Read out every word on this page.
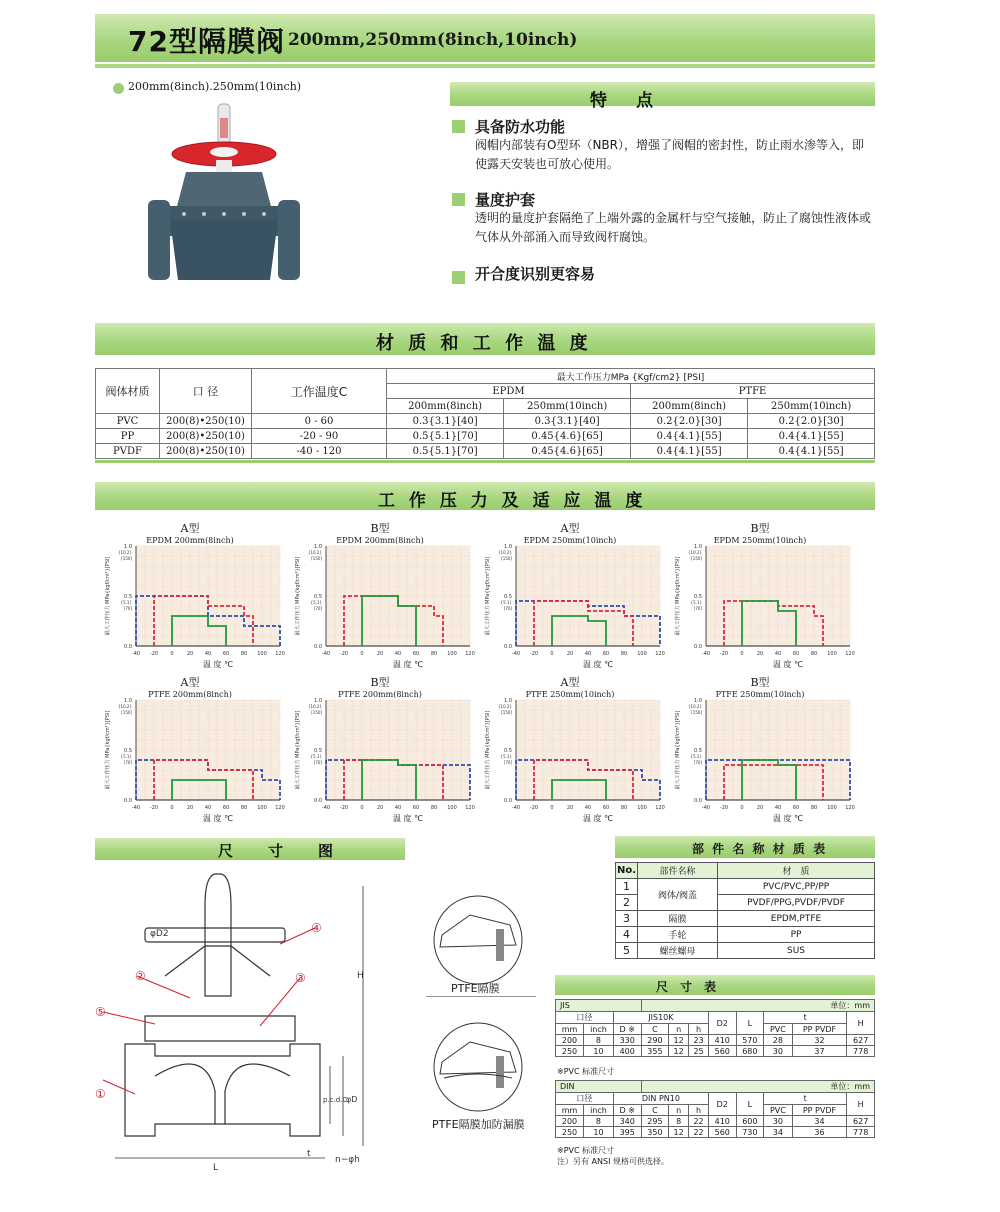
72型隔膜阀 200mm,250mm(8inch,10inch)
200mm(8inch).250mm(10inch)
特　点
具备防水功能
阀帽内部装有O型环（NBR），增强了阀帽的密封性，防止雨水渗等入，即使露天安装也可放心使用。
量度护套
透明的量度护套隔绝了上端外露的金属杆与空气接触，防止了腐蚀性液体或气体从外部涌入而导致阀杆腐蚀。
开合度识别更容易
材 质 和 工 作 温 度
阀体材质	口 径	工作温度C	最大工作压力MPa {Kgf/cm2} [PSI]			
			EPDM		PTFE	
			200mm(8inch)	250mm(10inch)	200mm(8inch)	250mm(10inch)
PVC	200(8)•250(10)	0 - 60	0.3{3.1}[40]	0.3{3.1}[40]	0.2{2.0}[30]	0.2{2.0}[30]
PP	200(8)•250(10)	-20 - 90	0.5{5.1}[70]	0.45{4.6}[65]	0.4{4.1}[55]	0.4{4.1}[55]
PVDF	200(8)•250(10)	-40 - 120	0.5{5.1}[70]	0.45{4.6}[65]	0.4{4.1}[55]	0.4{4.1}[55]
工 作 压 力 及 适 应 温 度
A型
EPDM 200mm(8inch)
-40 -20 0	20 40 60 80 100 120
1.0
0.5
0.0
{10.2}
[150]
{5.1}
[70]
最大工作压力 MPa{kgf/cm²}[PSI]
温 度 ℃
B型
EPDM 200mm(8inch)
-40 -20 0	20 40 60 80 100 120
1.0
0.5
0.0
{10.2}
[150]
{5.1}
[70]
最大工作压力 MPa{kgf/cm²}[PSI]
温 度 ℃
A型
EPDM 250mm(10inch)
-40 -20 0	20 40 60 80 100 120
1.0
0.5
0.0
{10.2}
[150]
{5.1}
[70]
最大工作压力 MPa{kgf/cm²}[PSI]
温 度 ℃
B型
EPDM 250mm(10inch)
-40 -20 0	20 40 60 80 100 120
1.0
0.5
0.0
{10.2}
[150]
{5.1}
[70]
最大工作压力 MPa{kgf/cm²}[PSI]
温 度 ℃
A型
PTFE 200mm(8inch)
-40 -20 0	20 40 60 80 100 120
1.0
0.5
0.0
{10.2}
[150]
{5.1}
[70]
最大工作压力 MPa{kgf/cm²}[PSI]
温 度 ℃
B型
PTFE 200mm(8inch)
-40 -20 0	20 40 60 80 100 120
1.0
0.5
0.0
{10.2}
[150]
{5.1}
[70]
最大工作压力 MPa{kgf/cm²}[PSI]
温 度 ℃
A型
PTFE 250mm(10inch)
-40 -20 0	20 40 60 80 100 120
1.0
0.5
0.0
{10.2}
[150]
{5.1}
[70]
最大工作压力 MPa{kgf/cm²}[PSI]
温 度 ℃
B型
PTFE 250mm(10inch)
-40 -20 0	20 40 60 80 100 120
1.0
0.5
0.0
{10.2}
[150]
{5.1}
[70]
最大工作压力 MPa{kgf/cm²}[PSI]
温 度 ℃
尺　寸　图
φD2
H
L
t
n−φh
p.c.d.C
φD
①
②	③
④
⑤
PTFE隔膜
PTFE隔膜加防漏膜
部 件 名 称 材 质 表
No.	部件名称	材　质
1	阀体/阀盖	PVC/PVC,PP/PP
2		PVDF/PPG,PVDF/PVDF
3	隔膜	EPDM,PTFE
4	手轮	PP
5	螺丝螺母	SUS
尺　寸　表
JIS			单位：mm							
口径		JIS10K				D2	L	t		H
mm	inch	D ※	C	n	h			PVC	PP PVDF	
200	8	330	290	12	23	410	570	28	32	627
250	10	400	355	12	25	560	680	30	37	778
DIN			单位：mm							
口径		DIN PN10				D2	L	t		H
mm	inch	D ※	C	n	h			PVC	PP PVDF	
200	8	340	295	8	22	410	600	30	34	627
250	10	395	350	12	22	560	730	34	36	778
※PVC 标准尺寸
※PVC 标准尺寸
注）另有 ANSI 规格可供选择。
